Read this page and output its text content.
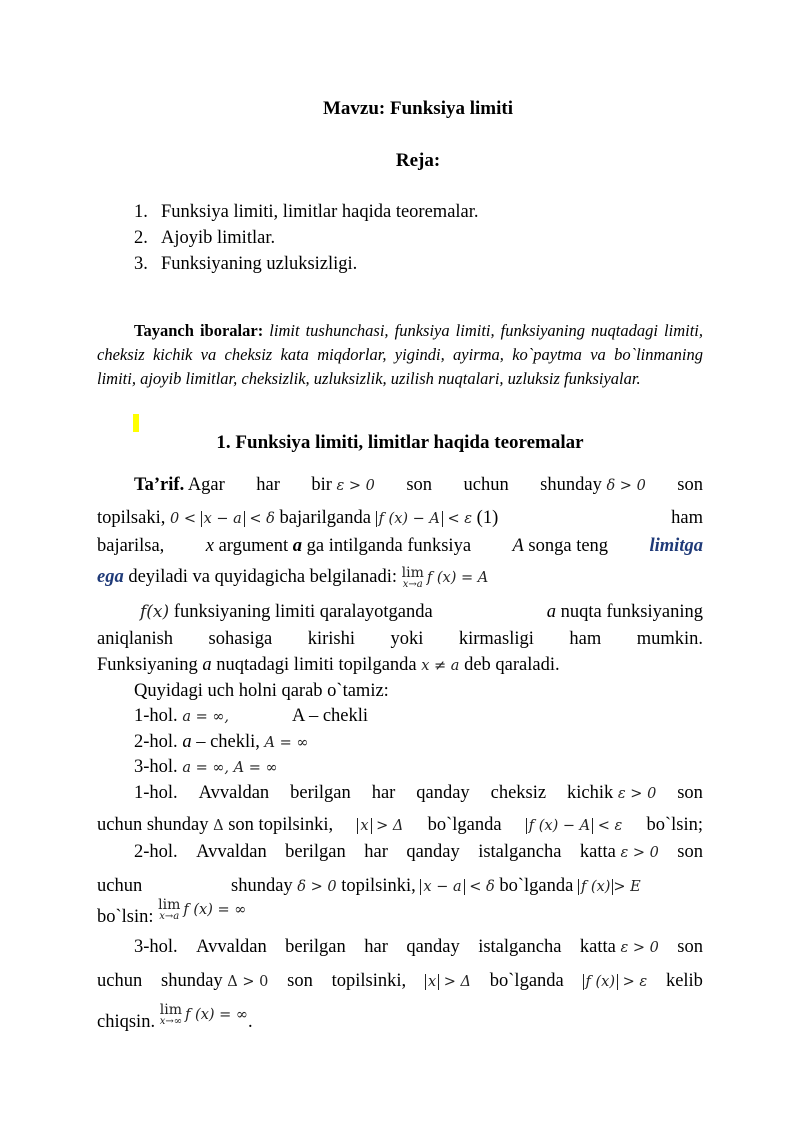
Mavzu: Funksiya limiti
Reja:
1. Funksiya limiti, limitlar haqida teoremalar.
2. Ajoyib limitlar.
3. Funksiyaning uzluksizligi.
Tayanch iboralar: limit tushunchasi, funksiya limiti, funksiyaning nuqtadagi limiti, cheksiz kichik va cheksiz kata miqdorlar, yigindi, ayirma, ko`paytma va bo`linmaning limiti, ajoyib limitlar, cheksizlik, uzluksizlik, uzilish nuqtalari, uzluksiz funksiyalar.
1. Funksiya limiti, limitlar haqida teoremalar
Ta’rif. Agar har bir ε > 0 son uchun shunday δ > 0 son
topilsaki, 0 < x − a < δ bajarilganda f (x) − A < ε (1)	ham
bajarilsa, x argument a ga intilganda funksiya A songa teng limitga
ega deyiladi va quyidagicha belgilanadi: lim
x→a f (x) = A
f(x) funksiyaning limiti qaralayotganda	a nuqta funksiyaning
aniqlanish sohasiga kirishi yoki kirmasligi ham mumkin.
Funksiyaning a nuqtadagi limiti topilganda x ≠ a deb qaraladi.
Quyidagi uch holni qarab o`tamiz:
1-hol. a = ∞,	A – chekli
2-hol. a – chekli, A = ∞
3-hol. a = ∞, A = ∞
1-hol. Avvaldan berilgan har qanday cheksiz kichik ε > 0 son
uchun shunday Δ son topilsinki, x > Δ bo`lganda f (x) − A < ε bo`lsin;
2-hol. Avvaldan berilgan har qanday istalgancha katta ε > 0 son
uchun	shunday δ > 0 topilsinki, x − a < δ bo`lganda f (x) > E
bo`lsin:
$^{lim x\to a f (x) = \infty}$
3-hol. Avvaldan berilgan har qanday istalgancha katta ε > 0 son
uchun shunday Δ > 0 son topilsinki, x > Δ bo`lganda f (x) > ε kelib
chiqsin.
$^{lim x\to\infty f (x) = \infty}$.
